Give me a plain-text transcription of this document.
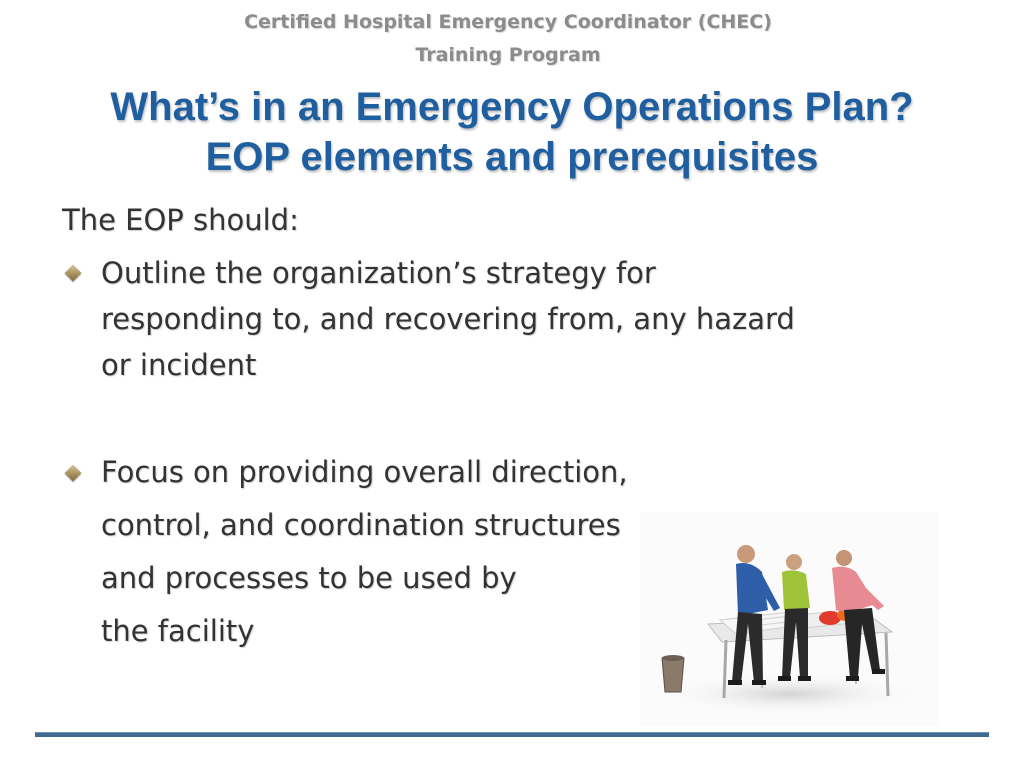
Certified Hospital Emergency Coordinator (CHEC)
Training Program
What’s in an Emergency Operations Plan?
EOP elements and prerequisites
The EOP should:
Outline the organization’s strategy for
responding to, and recovering from, any hazard
or incident
Focus on providing overall direction,
control, and coordination structures
and processes to be used by
the facility
